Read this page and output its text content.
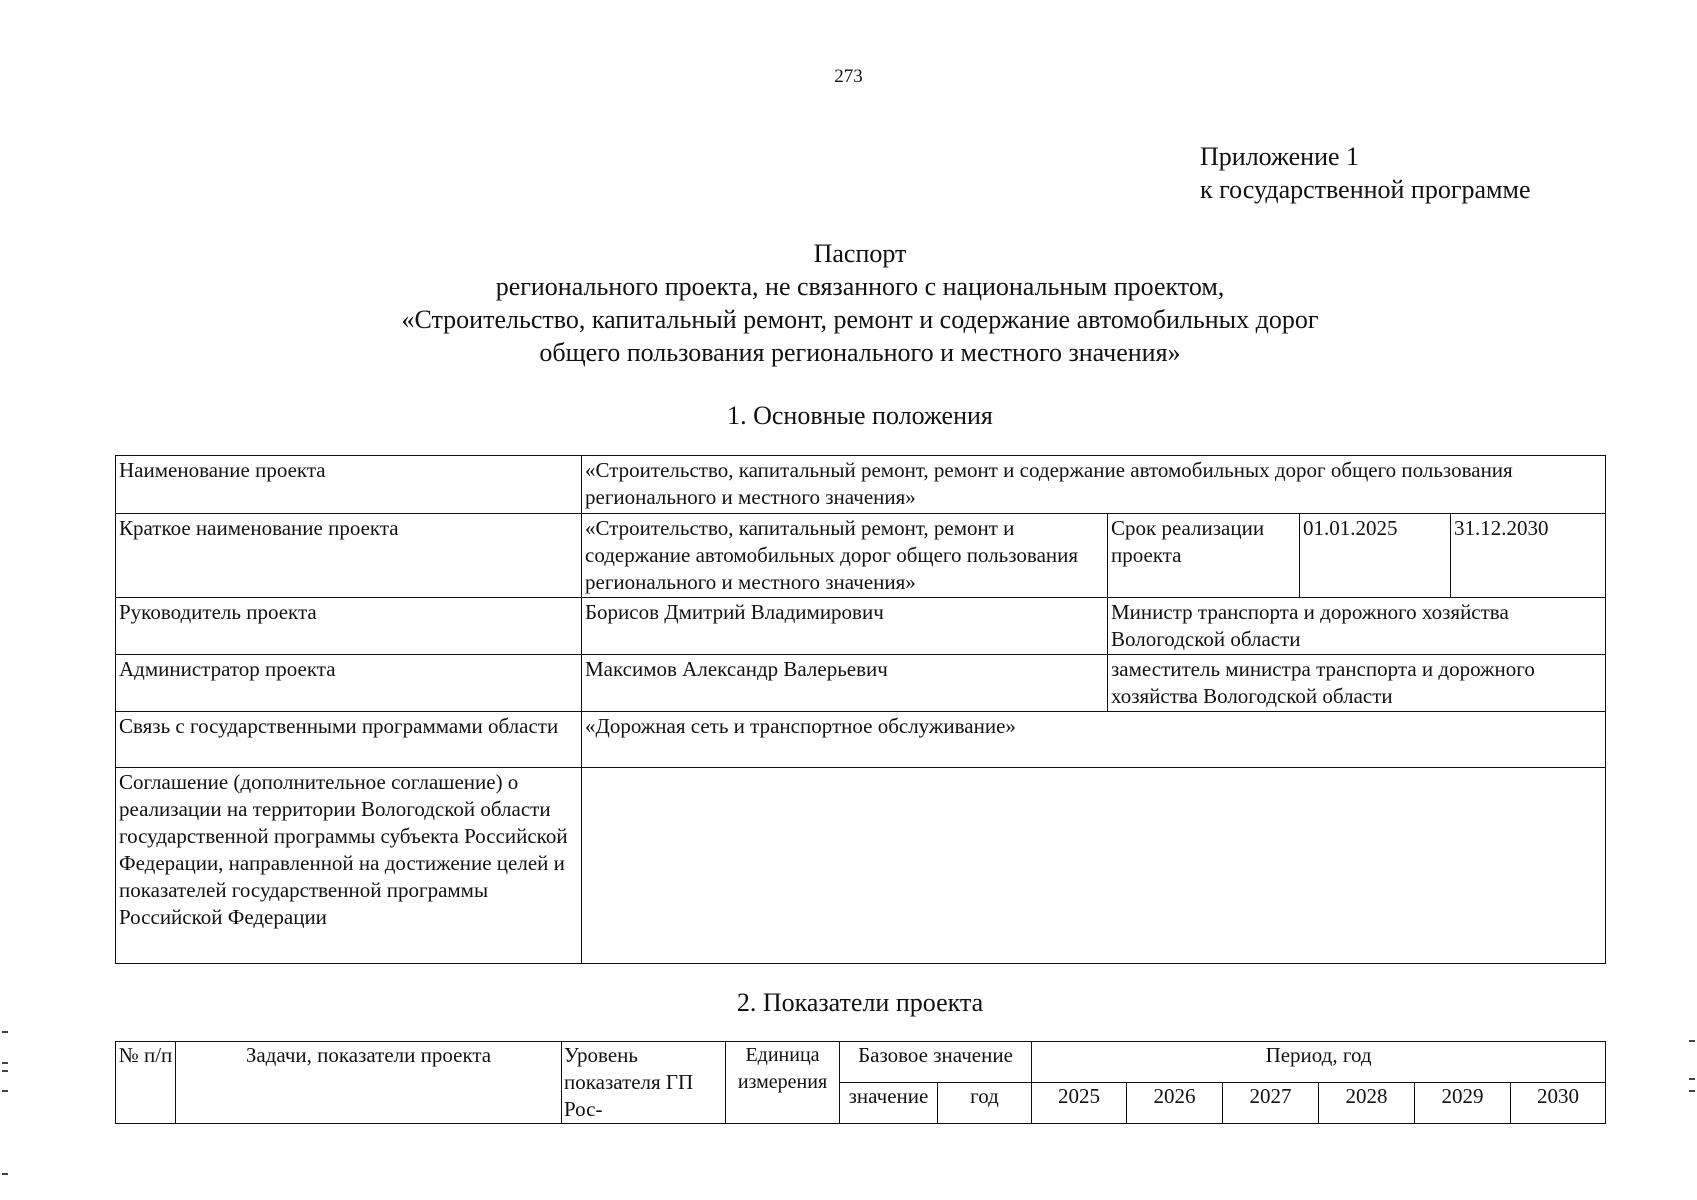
273
Приложение 1
к государственной программе
Паспорт
регионального проекта, не связанного с национальным проектом,
«Строительство, капитальный ремонт, ремонт и содержание автомобильных дорог
общего пользования регионального и местного значения»
1. Основные положения
Наименование проекта	«Строительство, капитальный ремонт, ремонт и содержание автомобильных дорог общего пользования регионального и местного значения»			
Краткое наименование проекта	«Строительство, капитальный ремонт, ремонт и содержание автомобильных дорог общего пользования регионального и местного значения»	Срок реализации проекта	01.01.2025	31.12.2030
Руководитель проекта	Борисов Дмитрий Владимирович	Министр транспорта и дорожного хозяйства Вологодской области		
Администратор проекта	Максимов Александр Валерьевич	заместитель министра транспорта и дорожного хозяйства Вологодской области		
Связь с государственными программами области	«Дорожная сеть и транспортное обслуживание»			
Соглашение (дополнительное соглашение) о реализации на территории Вологодской области государственной программы субъекта Российской Федерации, направленной на достижение целей и показателей государственной программы Российской Федерации				
2. Показатели проекта
№ п/п	Задачи, показатели проекта	Уровень показателя ГП Рос-	Единица измерения	Базовое значение		Период, год					
				значение	год	2025	2026	2027	2028	2029	2030
